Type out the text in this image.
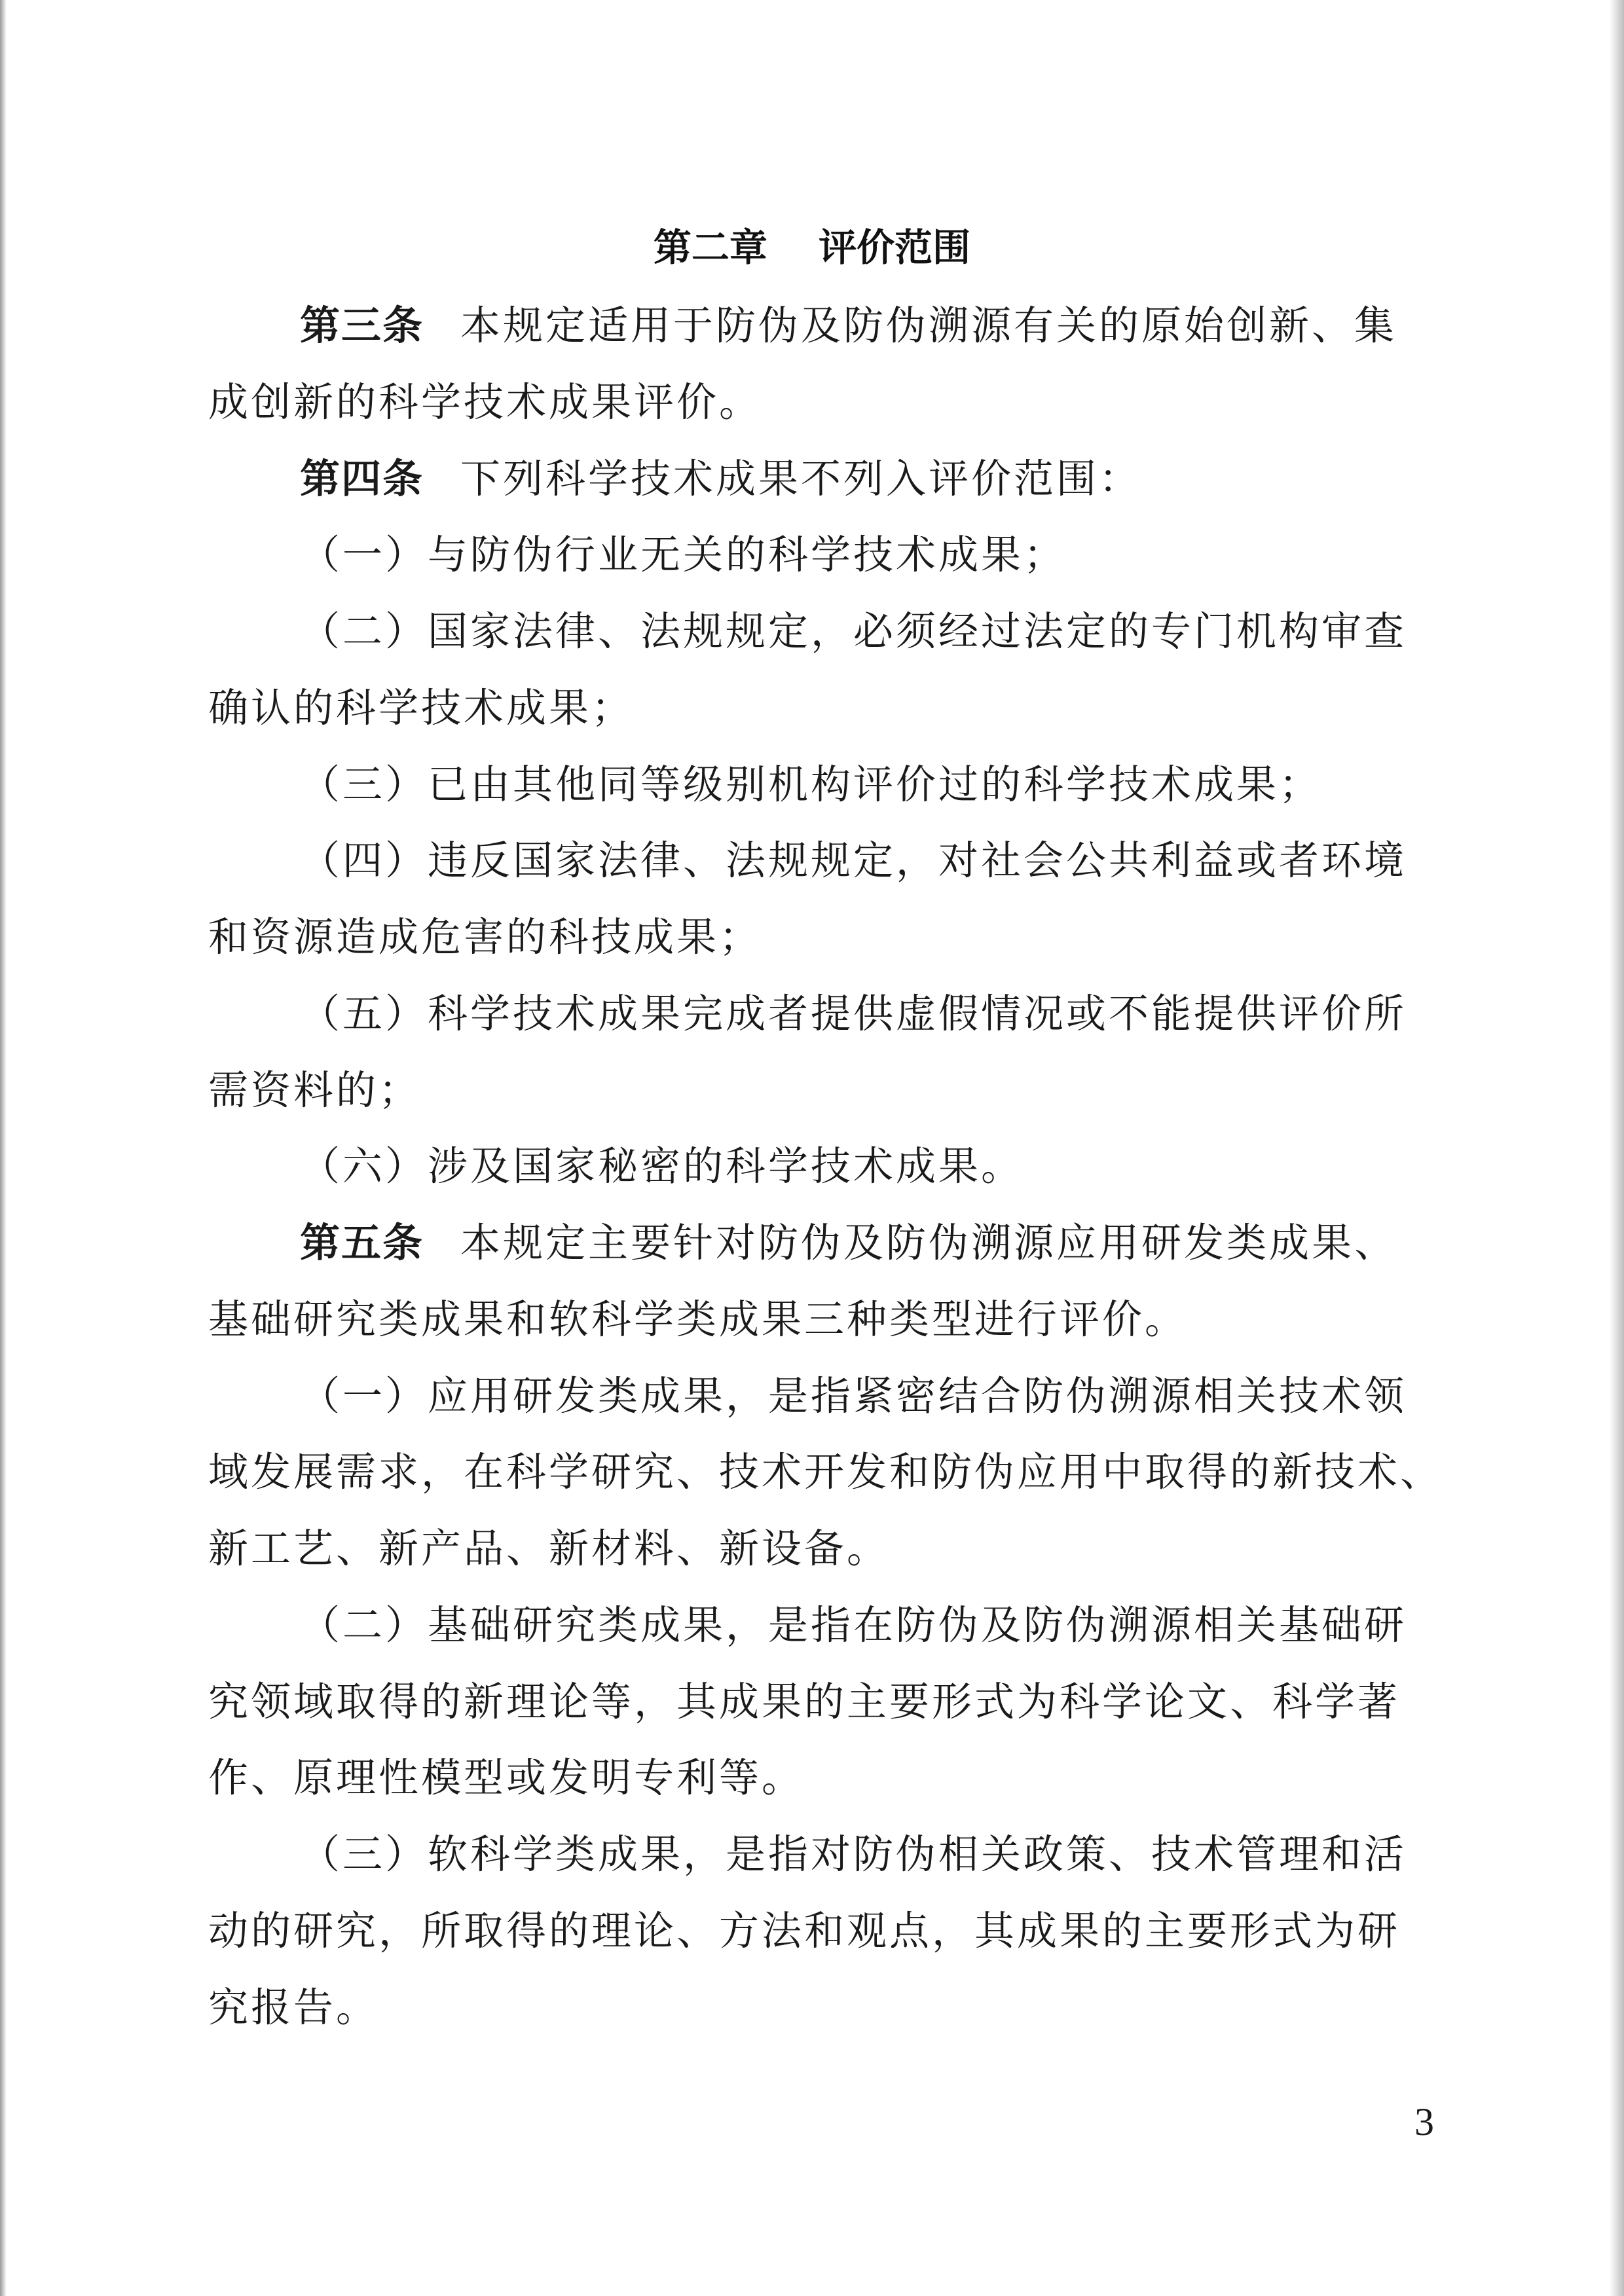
第二章　 评价范围
第三条 本规定适用于防伪及防伪溯源有关的原始创新、集
成创新的科学技术成果评价。
第四条 下列科学技术成果不列入评价范围：
（一）与防伪行业无关的科学技术成果；
（二）国家法律、法规规定，必须经过法定的专门机构审查
确认的科学技术成果；
（三）已由其他同等级别机构评价过的科学技术成果；
（四）违反国家法律、法规规定，对社会公共利益或者环境
和资源造成危害的科技成果；
（五）科学技术成果完成者提供虚假情况或不能提供评价所
需资料的；
（六）涉及国家秘密的科学技术成果。
第五条 本规定主要针对防伪及防伪溯源应用研发类成果、
基础研究类成果和软科学类成果三种类型进行评价。
（一）应用研发类成果，是指紧密结合防伪溯源相关技术领
域发展需求，在科学研究、技术开发和防伪应用中取得的新技术、
新工艺、新产品、新材料、新设备。
（二）基础研究类成果，是指在防伪及防伪溯源相关基础研
究领域取得的新理论等，其成果的主要形式为科学论文、科学著
作、原理性模型或发明专利等。
（三）软科学类成果，是指对防伪相关政策、技术管理和活
动的研究，所取得的理论、方法和观点，其成果的主要形式为研
究报告。
3
